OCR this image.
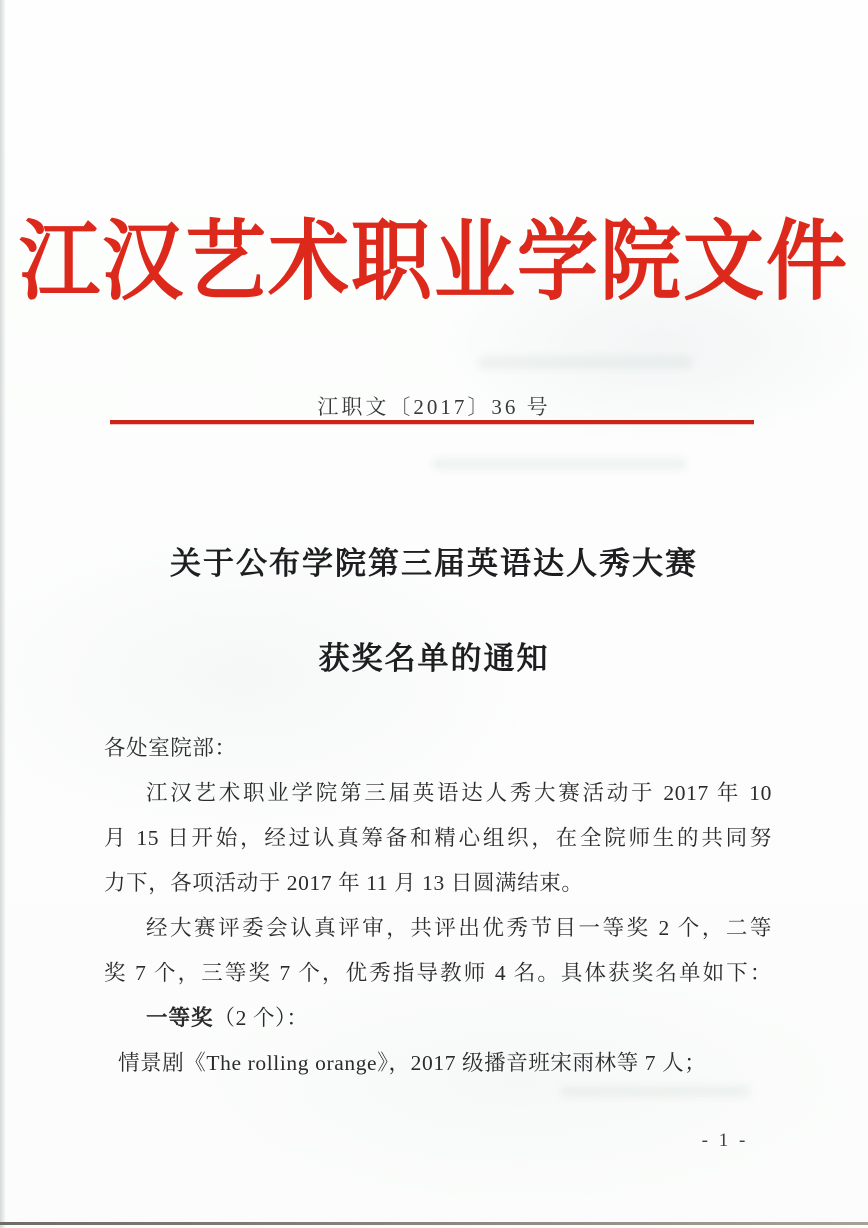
江汉艺术职业学院文件
江职文〔2017〕36 号
关于公布学院第三届英语达人秀大赛
获奖名单的通知

各处室院部：

江汉艺术职业学院第三届英语达人秀大赛活动于 2017 年 10

月 15 日开始，经过认真筹备和精心组织，在全院师生的共同努

力下，各项活动于 2017 年 11 月 13 日圆满结束。

经大赛评委会认真评审，共评出优秀节目一等奖 2 个，二等

奖 7 个，三等奖 7 个，优秀指导教师 4 名。具体获奖名单如下：

一等奖（2 个）：

情景剧《The rolling orange》，2017 级播音班宋雨林等 7 人；

- 1 -
